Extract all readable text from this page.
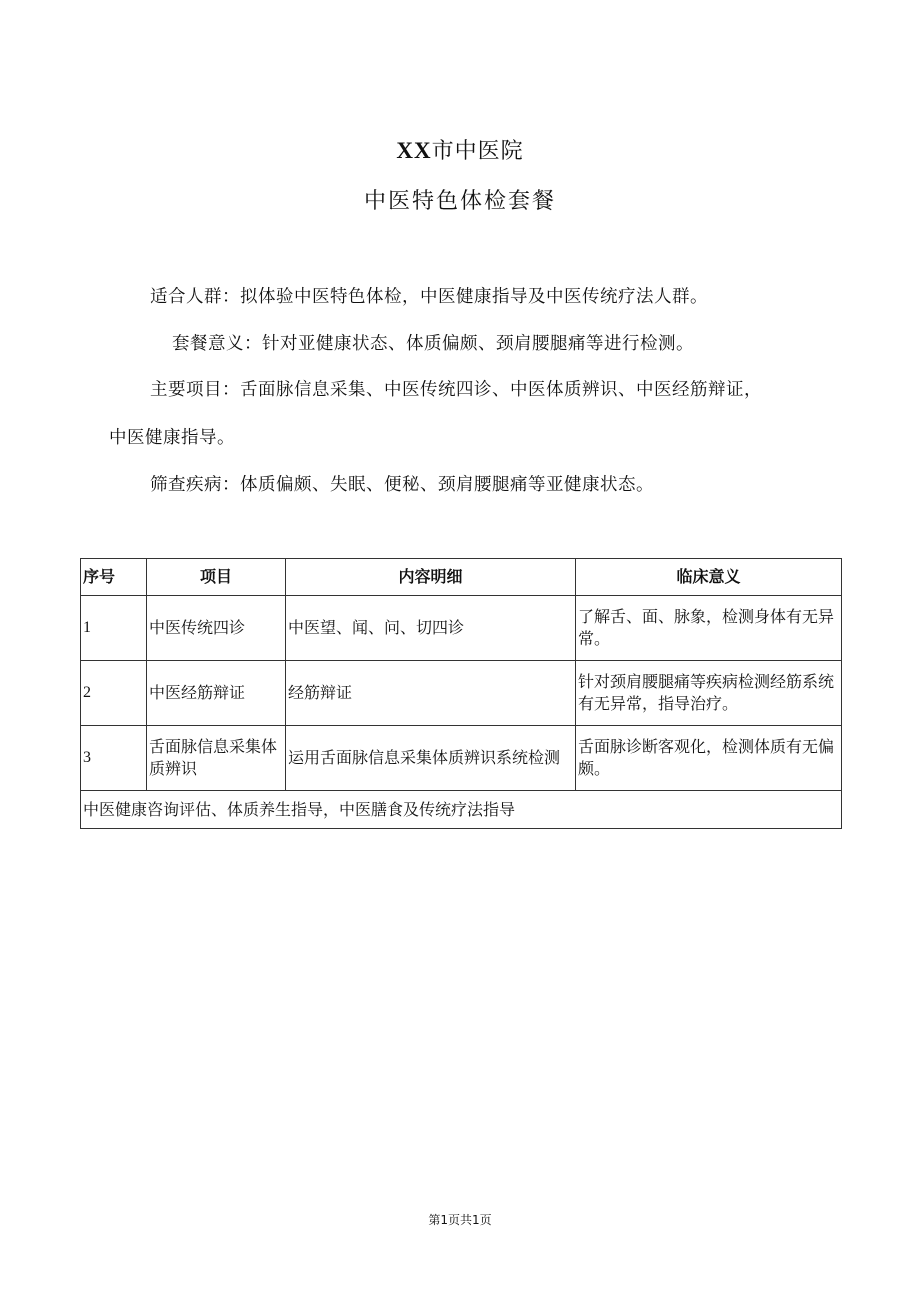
XX市中医院
中医特色体检套餐
适合人群：拟体验中医特色体检，中医健康指导及中医传统疗法人群。
套餐意义：针对亚健康状态、体质偏颇、颈肩腰腿痛等进行检测。
主要项目：舌面脉信息采集、中医传统四诊、中医体质辨识、中医经筋辩证，
中医健康指导。
筛查疾病：体质偏颇、失眠、便秘、颈肩腰腿痛等亚健康状态。
序号	项目	内容明细	临床意义
1	中医传统四诊	中医望、闻、问、切四诊	了解舌、面、脉象，检测身体有无异常。
2	中医经筋辩证	经筋辩证	针对颈肩腰腿痛等疾病检测经筋系统有无异常，指导治疗。
3	舌面脉信息采集体质辨识	运用舌面脉信息采集体质辨识系统检测	舌面脉诊断客观化，检测体质有无偏颇。
中医健康咨询评估、体质养生指导，中医膳食及传统疗法指导			
第1页共1页
